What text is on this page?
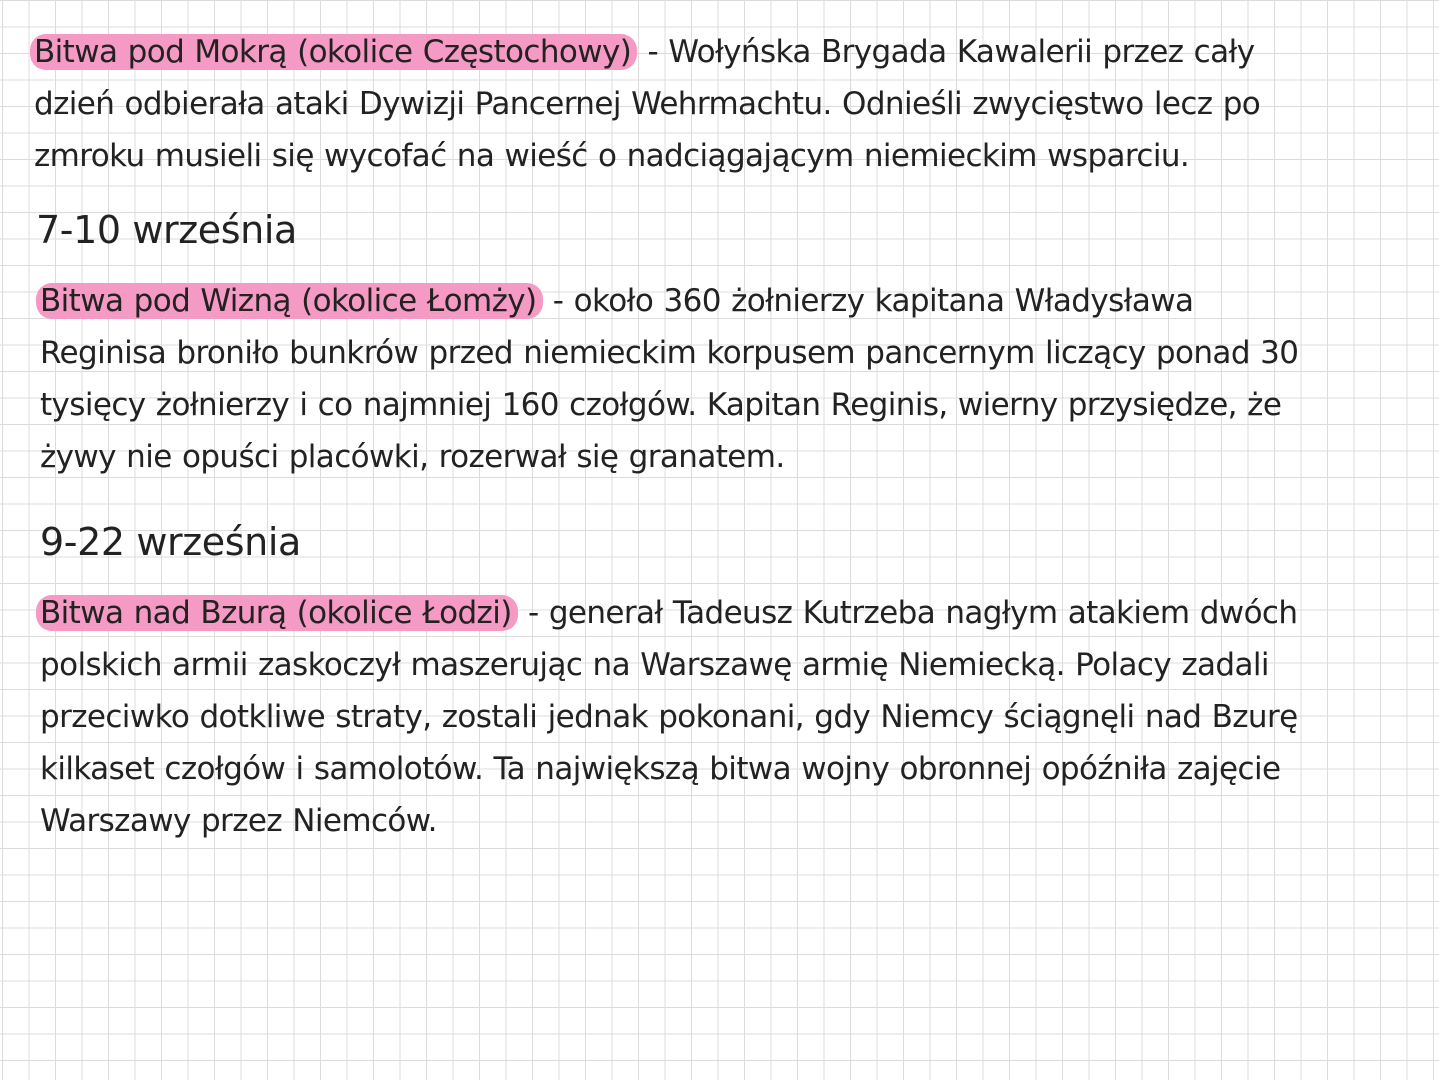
Bitwa pod Mokrą (okolice Częstochowy) - Wołyńska Brygada Kawalerii przez cały
dzień odbierała ataki Dywizji Pancernej Wehrmachtu. Odnieśli zwycięstwo lecz po
zmroku musieli się wycofać na wieść o nadciągającym niemieckim wsparciu.

7-10 września

Bitwa pod Wizną (okolice Łomży) - około 360 żołnierzy kapitana Władysława
Reginisa broniło bunkrów przed niemieckim korpusem pancernym liczący ponad 30
tysięcy żołnierzy i co najmniej 160 czołgów. Kapitan Reginis, wierny przysiędze, że
żywy nie opuści placówki, rozerwał się granatem.

9-22 września

Bitwa nad Bzurą (okolice Łodzi) - generał Tadeusz Kutrzeba nagłym atakiem dwóch
polskich armii zaskoczył maszerując na Warszawę armię Niemiecką. Polacy zadali
przeciwko dotkliwe straty, zostali jednak pokonani, gdy Niemcy ściągnęli nad Bzurę
kilkaset czołgów i samolotów. Ta największą bitwa wojny obronnej opóźniła zajęcie
Warszawy przez Niemców.
